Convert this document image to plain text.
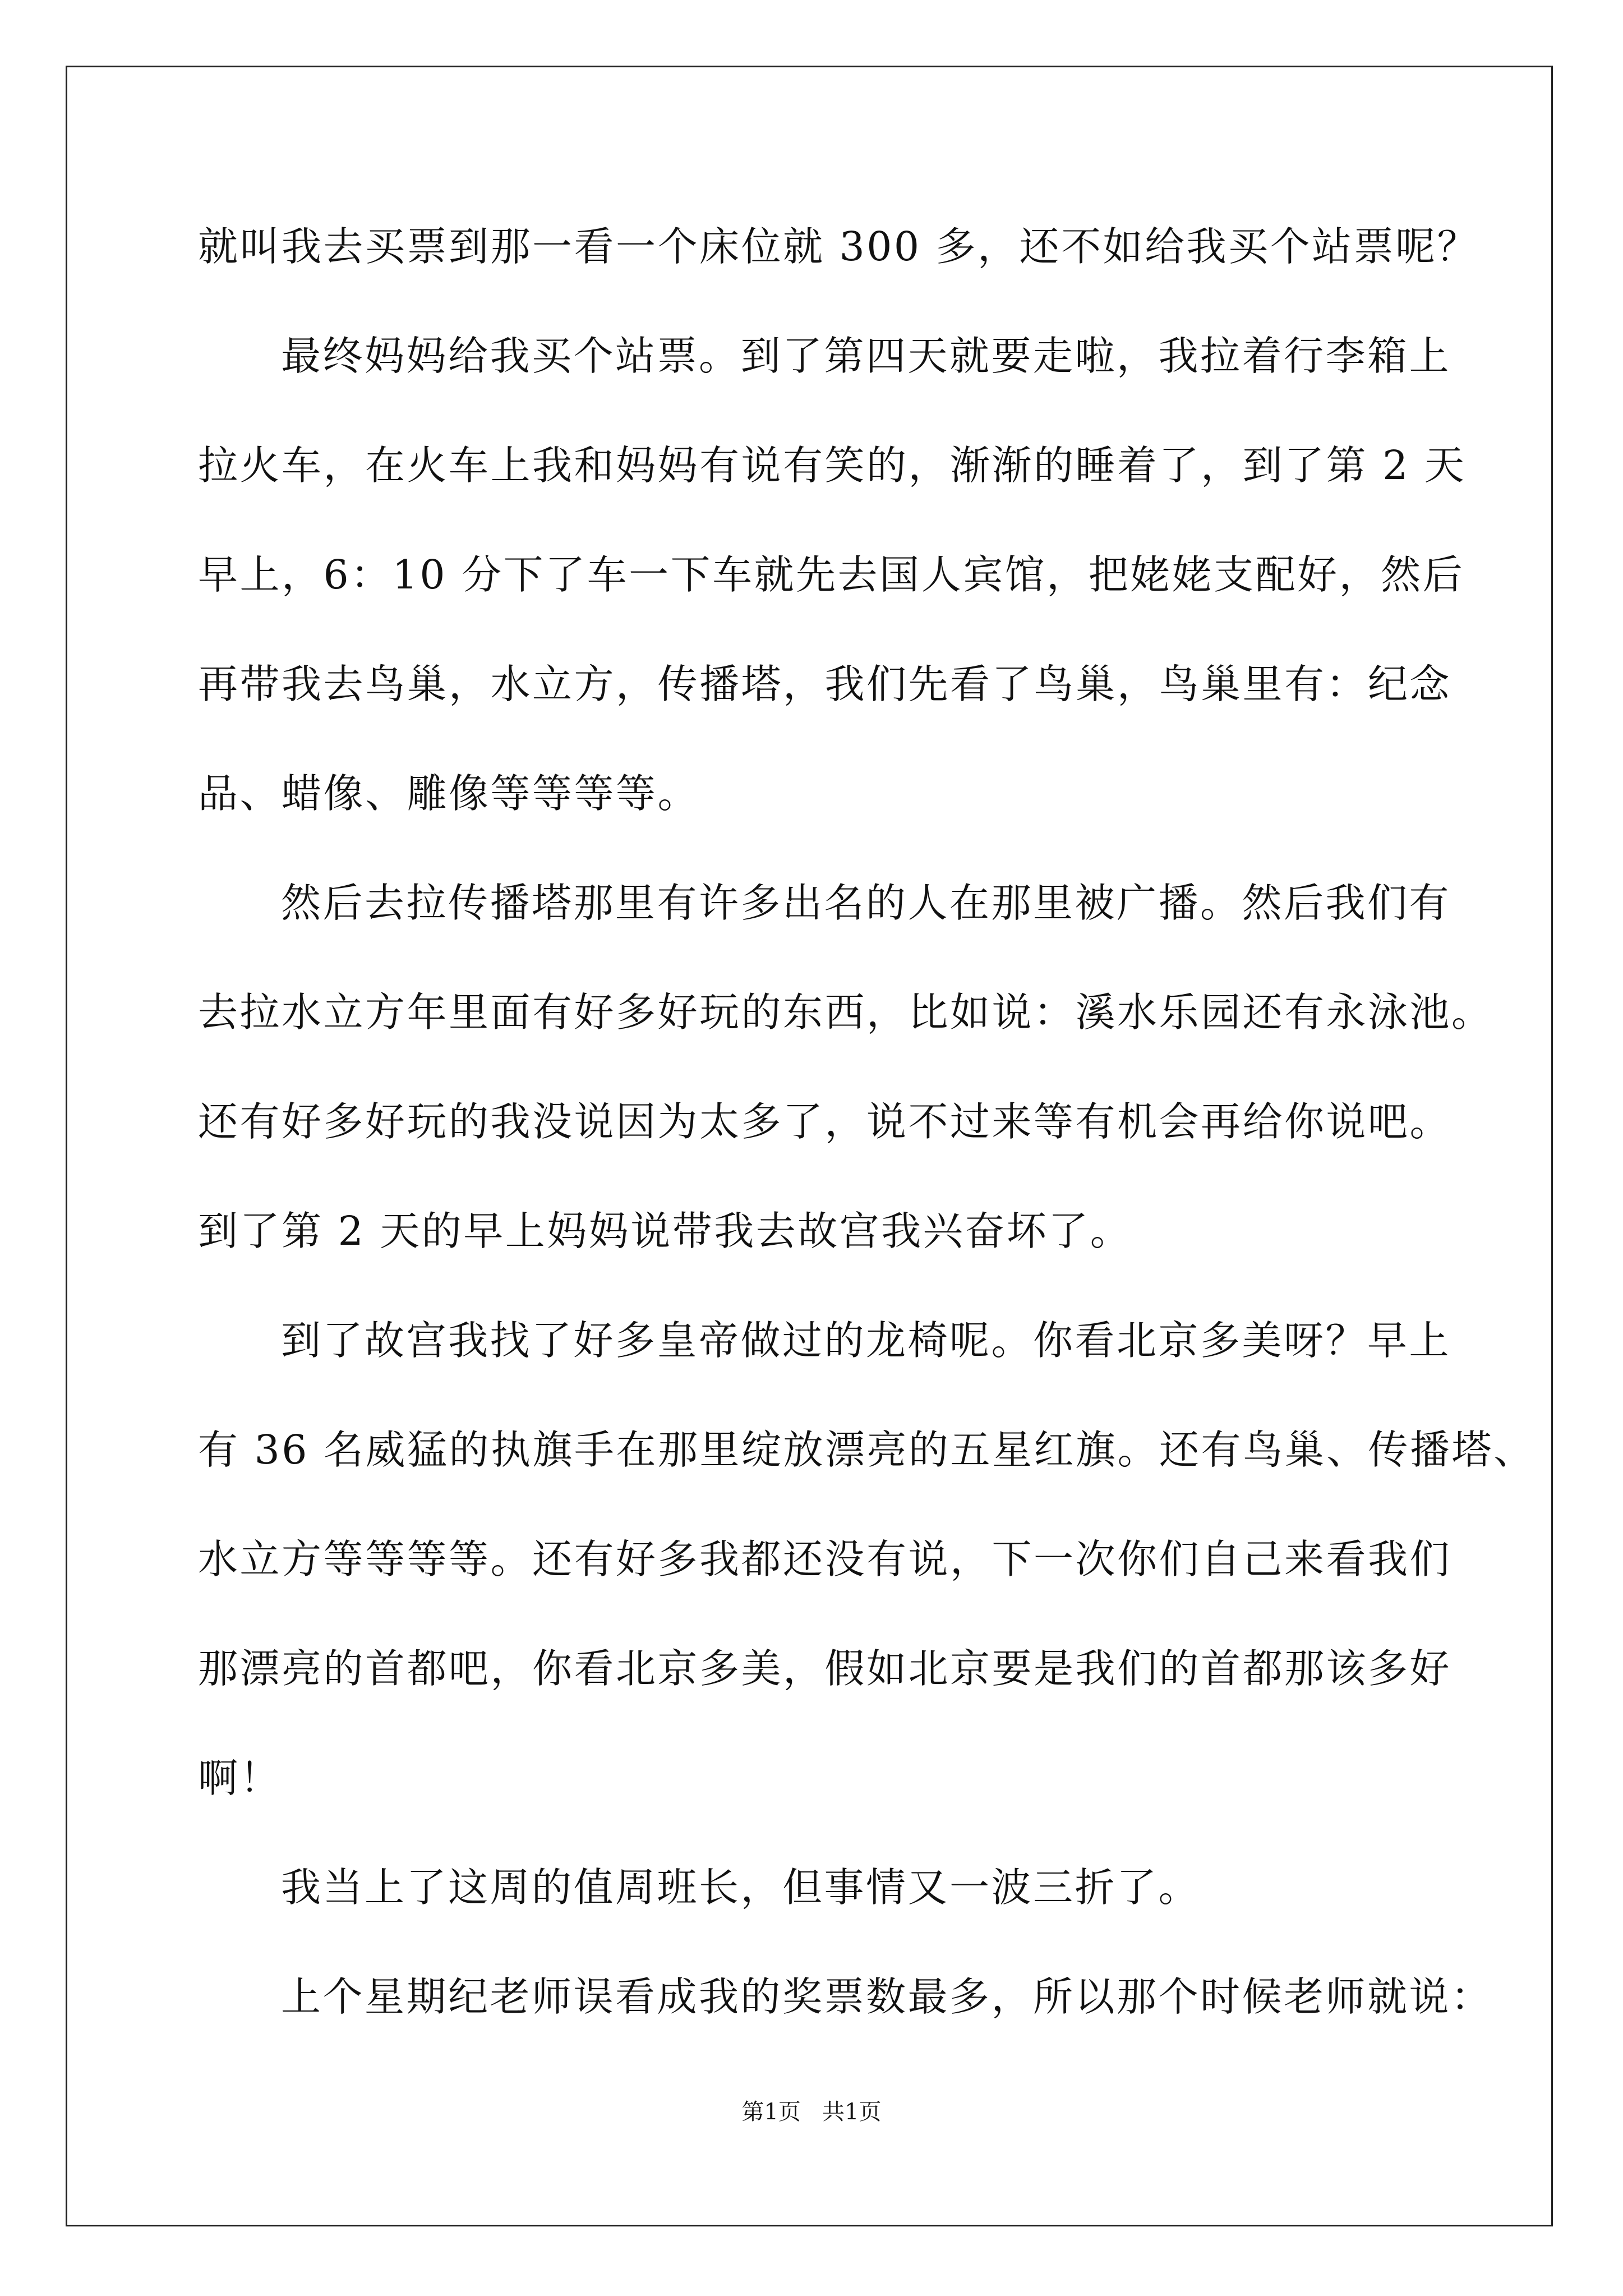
就叫我去买票到那一看一个床位就 300 多，还不如给我买个站票呢？
最终妈妈给我买个站票。到了第四天就要走啦，我拉着行李箱上
拉火车，在火车上我和妈妈有说有笑的，渐渐的睡着了，到了第 2 天
早上，6：10 分下了车一下车就先去国人宾馆，把姥姥支配好，然后
再带我去鸟巢，水立方，传播塔，我们先看了鸟巢，鸟巢里有：纪念
品、蜡像、雕像等等等等。
然后去拉传播塔那里有许多出名的人在那里被广播。然后我们有
去拉水立方年里面有好多好玩的东西，比如说：溪水乐园还有永泳池。
还有好多好玩的我没说因为太多了，说不过来等有机会再给你说吧。
到了第 2 天的早上妈妈说带我去故宫我兴奋坏了。
到了故宫我找了好多皇帝做过的龙椅呢。你看北京多美呀？早上
有 36 名威猛的执旗手在那里绽放漂亮的五星红旗。还有鸟巢、传播塔、
水立方等等等等。还有好多我都还没有说，下一次你们自己来看我们
那漂亮的首都吧，你看北京多美，假如北京要是我们的首都那该多好
啊！
我当上了这周的值周班长，但事情又一波三折了。
上个星期纪老师误看成我的奖票数最多，所以那个时候老师就说：
第1页   共1页
